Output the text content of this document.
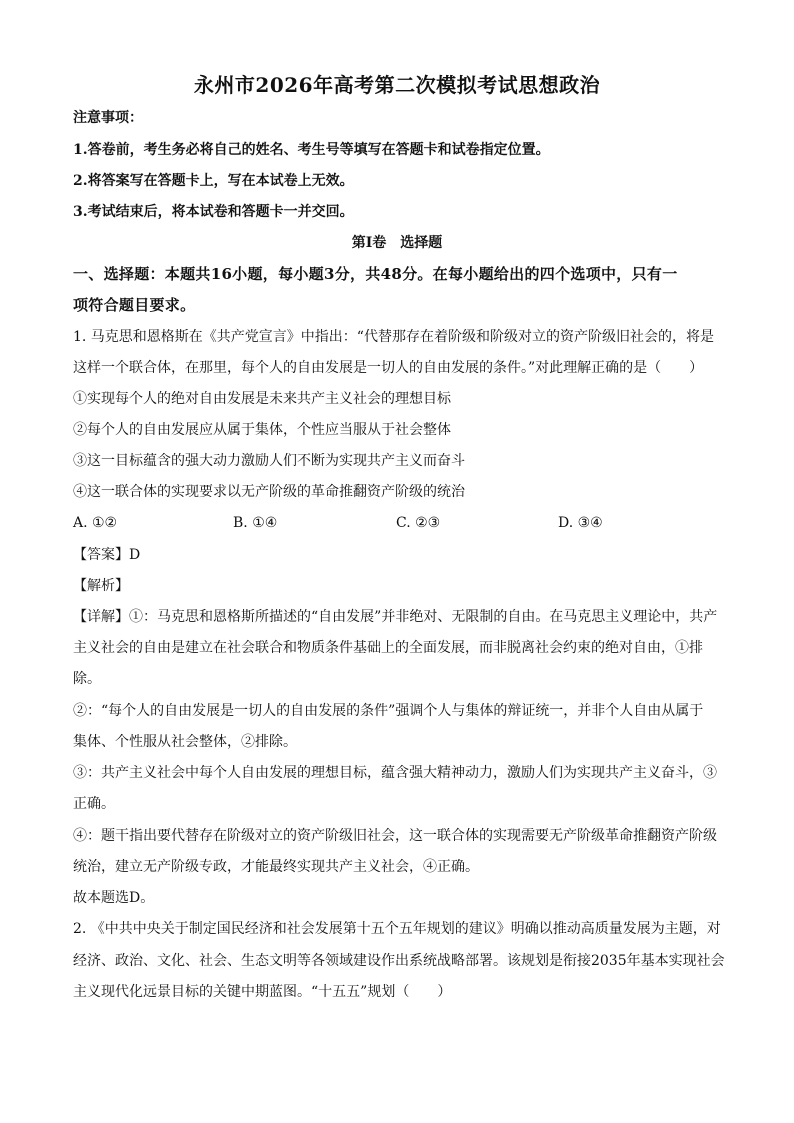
永州市2026年高考第二次模拟考试思想政治
注意事项：
1.答卷前，考生务必将自己的姓名、考生号等填写在答题卡和试卷指定位置。
2.将答案写在答题卡上，写在本试卷上无效。
3.考试结束后，将本试卷和答题卡一并交回。
第Ⅰ卷　选择题
一、选择题：本题共16小题，每小题3分，共48分。在每小题给出的四个选项中，只有一
项符合题目要求。
1. 马克思和恩格斯在《共产党宣言》中指出：“代替那存在着阶级和阶级对立的资产阶级旧社会的，将是
这样一个联合体，在那里，每个人的自由发展是一切人的自由发展的条件。”对此理解正确的是（　　）
①实现每个人的绝对自由发展是未来共产主义社会的理想目标
②每个人的自由发展应从属于集体，个性应当服从于社会整体
③这一目标蕴含的强大动力激励人们不断为实现共产主义而奋斗
④这一联合体的实现要求以无产阶级的革命推翻资产阶级的统治
A. ①②	B. ①④	C. ②③	D. ③④
【答案】D
【解析】
【详解】①：马克思和恩格斯所描述的“自由发展”并非绝对、无限制的自由。在马克思主义理论中，共产
主义社会的自由是建立在社会联合和物质条件基础上的全面发展，而非脱离社会约束的绝对自由，①排
除。
②：“每个人的自由发展是一切人的自由发展的条件”强调个人与集体的辩证统一，并非个人自由从属于
集体、个性服从社会整体，②排除。
③：共产主义社会中每个人自由发展的理想目标，蕴含强大精神动力，激励人们为实现共产主义奋斗，③
正确。
④：题干指出要代替存在阶级对立的资产阶级旧社会，这一联合体的实现需要无产阶级革命推翻资产阶级
统治，建立无产阶级专政，才能最终实现共产主义社会，④正确。
故本题选D。
2. 《中共中央关于制定国民经济和社会发展第十五个五年规划的建议》明确以推动高质量发展为主题，对
经济、政治、文化、社会、生态文明等各领域建设作出系统战略部署。该规划是衔接2035年基本实现社会
主义现代化远景目标的关键中期蓝图。“十五五”规划（　　）
